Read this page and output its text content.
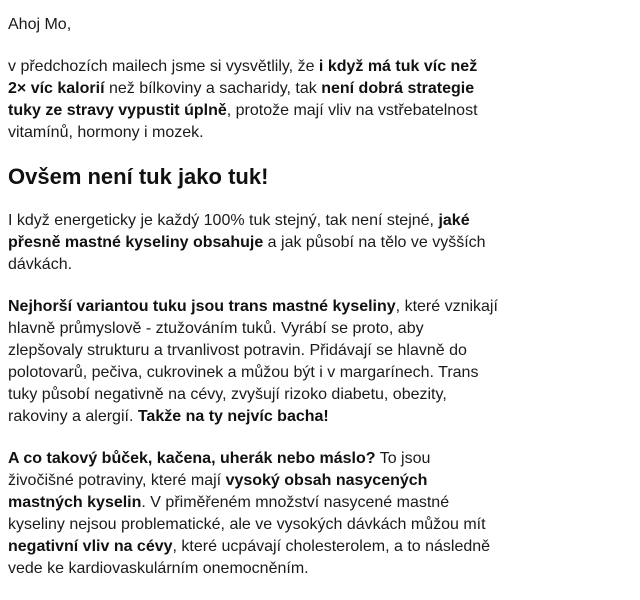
Ahoj Mo,

v předchozích mailech jsme si vysvětlily, že i když má tuk víc než 2× víc kalorií než bílkoviny a sacharidy, tak není dobrá strategie tuky ze stravy vypustit úplně, protože mají vliv na vstřebatelnost vitamínů, hormony i mozek.

Ovšem není tuk jako tuk!

I když energeticky je každý 100% tuk stejný, tak není stejné, jaké přesně mastné kyseliny obsahuje a jak působí na tělo ve vyšších dávkách.

Nejhorší variantou tuku jsou trans mastné kyseliny, které vznikají hlavně průmyslově - ztužováním tuků. Vyrábí se proto, aby zlepšovaly strukturu a trvanlivost potravin. Přidávají se hlavně do polotovarů, pečiva, cukrovinek a můžou být i v margarínech. Trans tuky působí negativně na cévy, zvyšují rizoko diabetu, obezity, rakoviny a alergií. Takže na ty nejvíc bacha!

A co takový bůček, kačena, uherák nebo máslo? To jsou živočišné potraviny, které mají vysoký obsah nasycených mastných kyselin. V přiměřeném množství nasycené mastné kyseliny nejsou problematické, ale ve vysokých dávkách můžou mít negativní vliv na cévy, které ucpávají cholesterolem, a to následně vede ke kardiovaskulárním onemocněním.
